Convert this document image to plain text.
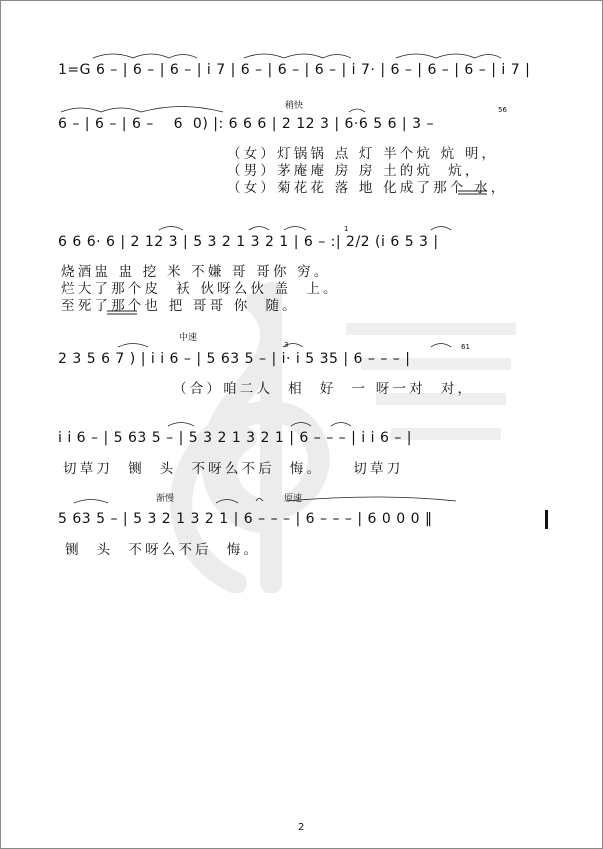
稍快
中速
渐慢	原速
56
61
1
3
1=G 6 – | 6 – | 6 – | i 7 | 6 – | 6 – | 6 – | i 7· | 6 – | 6 – | 6 – | i 7 |
6 – | 6 – | 6 –    6  0) |: 6 6 6 | 2 12 3 | 6·6 5 6 | 3 –
（女）灯锅锅 点 灯 半个炕 炕 明，
（男）茅庵庵 房 房 土的炕  炕，
（女）菊花花 落 地 化成了那个 水，
6 6 6· 6 | 2 12 3 | 5 3 2 1 3 2 1 | 6 – :| 2/2 (i 6 5 3 |
烧酒盅 盅 挖 米 不嫌 哥 哥你 穷。
烂大了那个皮  袄 伙呀么伙 盖  上。
至死了那个也 把 哥哥 你  随。
2 3 5 6 7 ) | i i 6 – | 5 63 5 – | i· i 5 35 | 6 – – – |
（合）咱二人  相  好  一 呀一对  对，
i i 6 – | 5 63 5 – | 5 3 2 1 3 2 1 | 6 – – – | i i 6 – |
切草刀  铡  头  不呀么不后  悔。    切草刀
5 63 5 – | 5 3 2 1 3 2 1 | 6 – – – | 6 – – – | 6 0 0 0 ‖
铡  头  不呀么不后  悔。
2
